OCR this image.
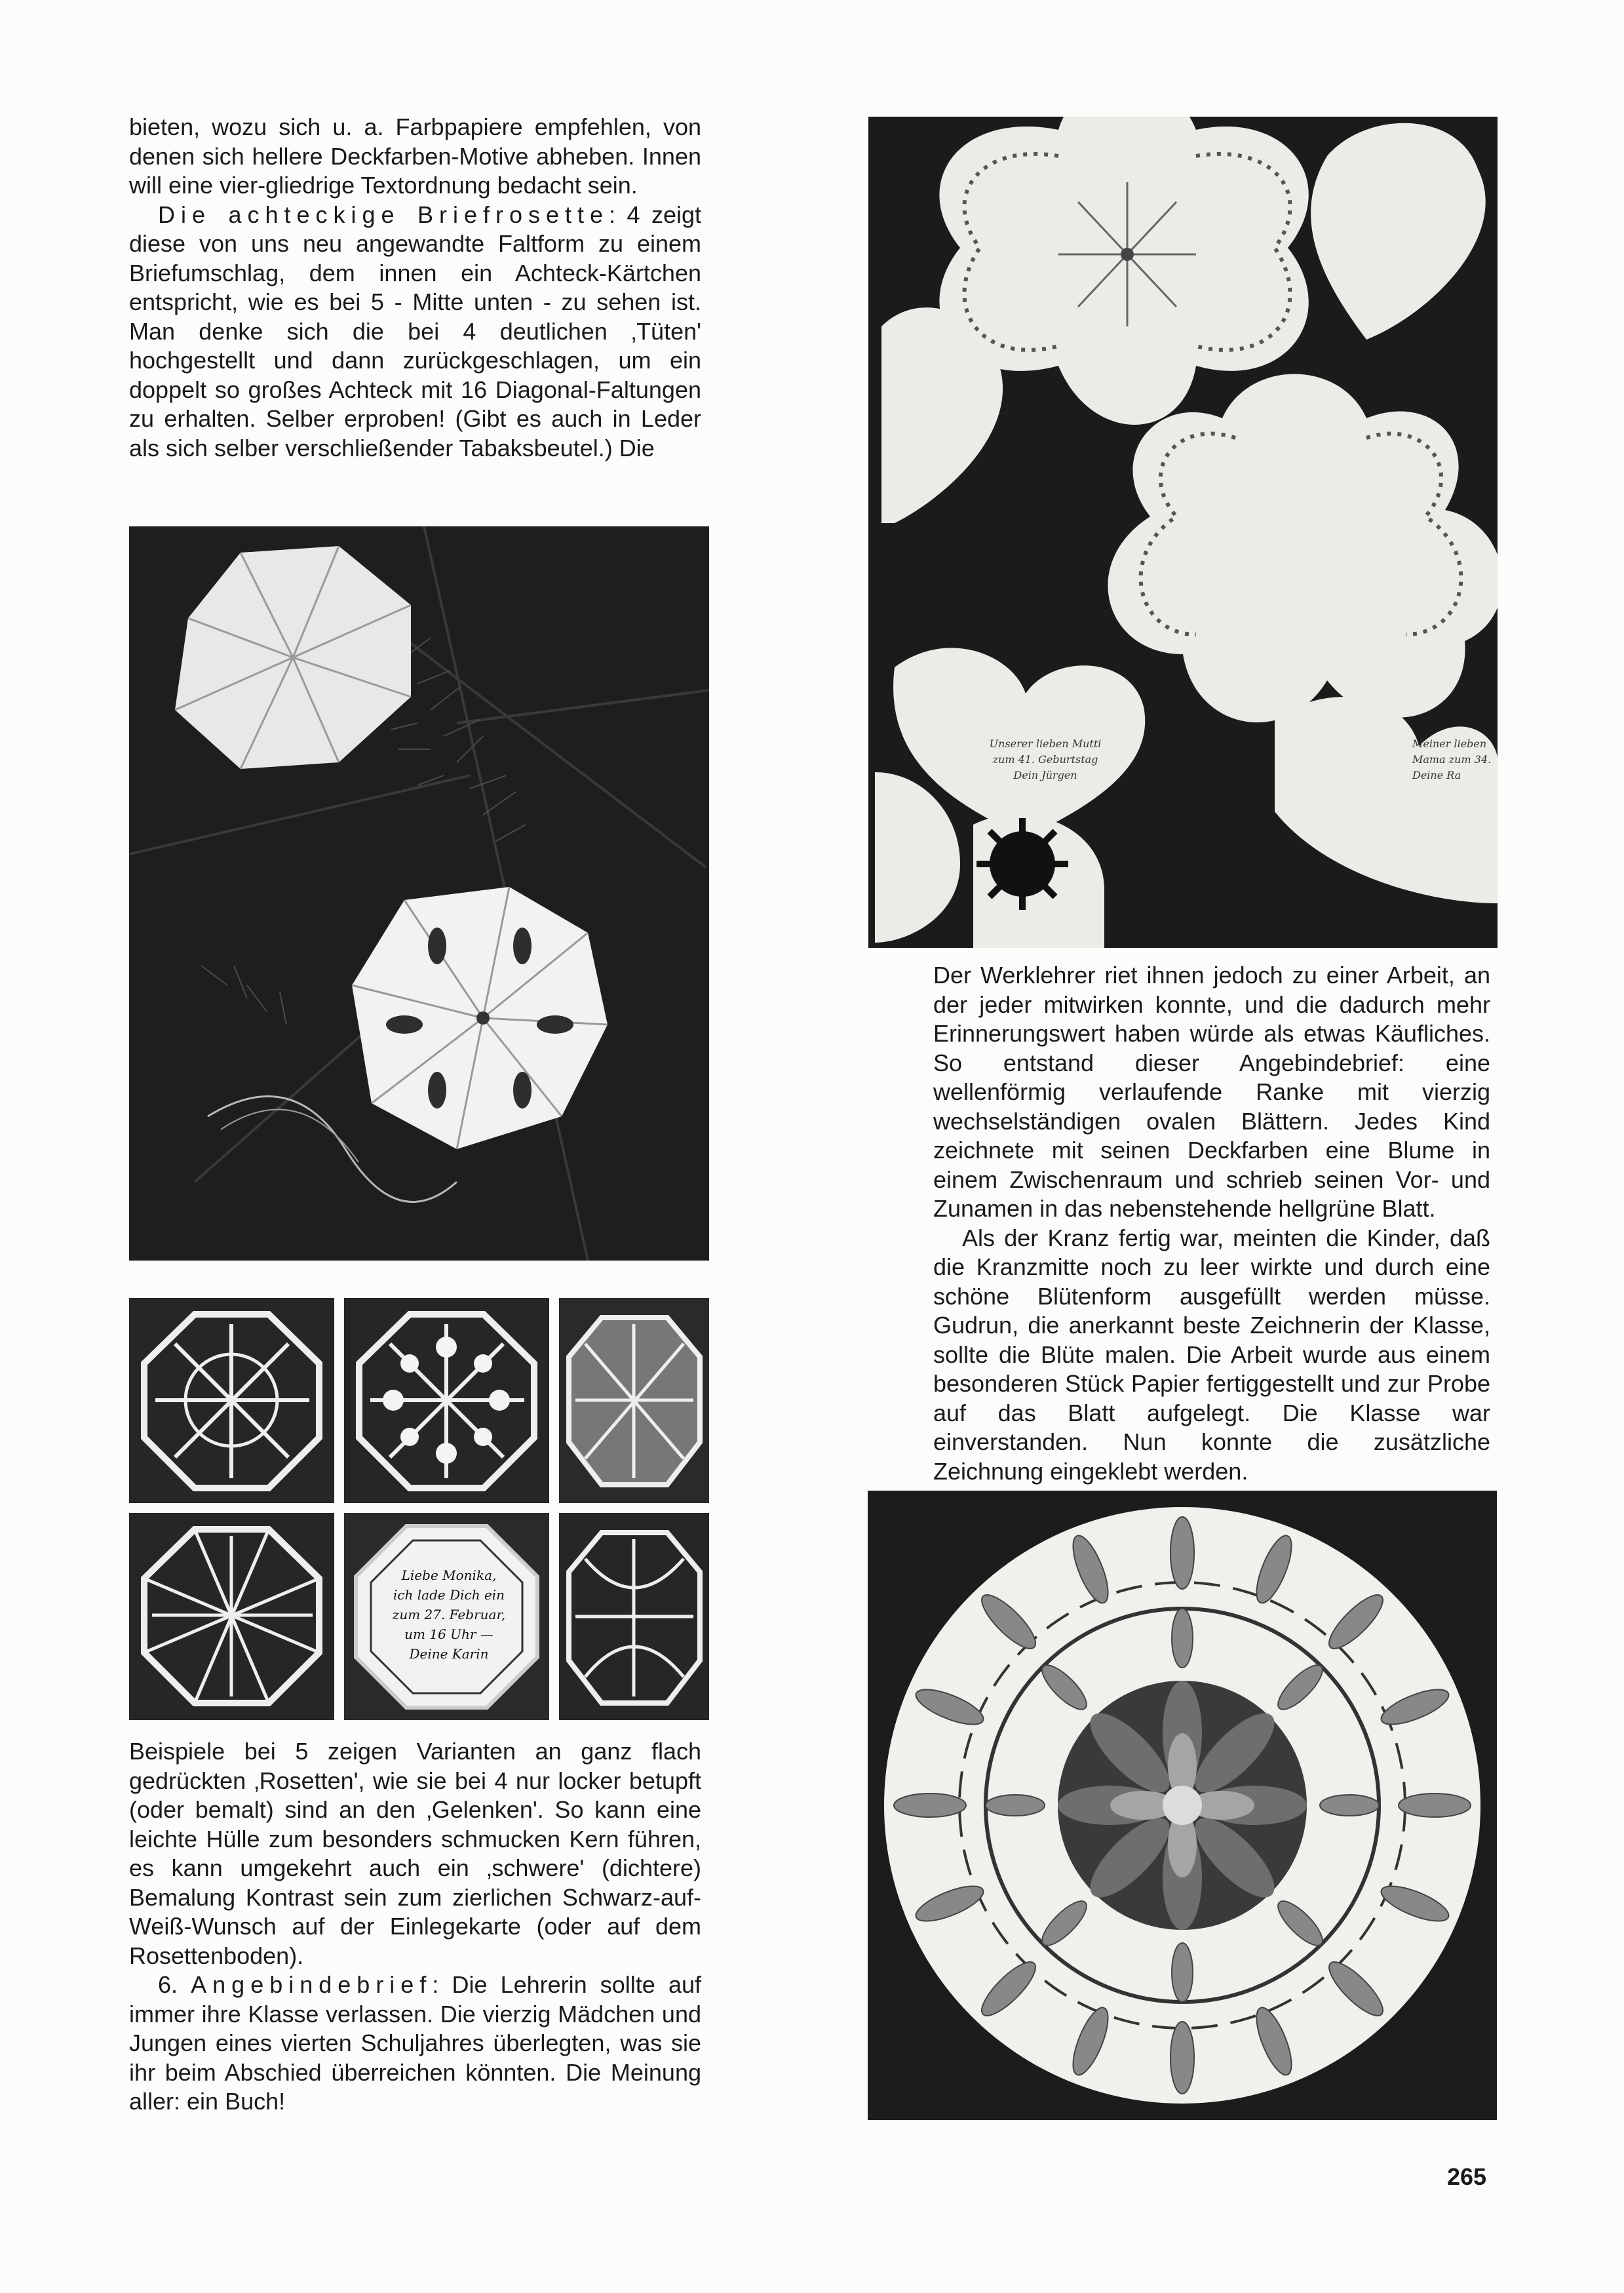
bieten, wozu sich u. a. Farbpapiere empfehlen, von denen sich hellere Deckfarben-Motive abheben. Innen will eine vier-gliedrige Textordnung bedacht sein.

Die achteckige Briefrosette: 4 zeigt diese von uns neu angewandte Faltform zu einem Briefumschlag, dem innen ein Achteck-Kärtchen entspricht, wie es bei 5 - Mitte unten - zu sehen ist. Man denke sich die bei 4 deutlichen ‚Tüten' hochgestellt und dann zurückgeschlagen, um ein doppelt so großes Achteck mit 16 Diagonal-Faltungen zu erhalten. Selber erproben! (Gibt es auch in Leder als sich selber verschließender Tabaksbeutel.) Die

Liebe Monika,
ich lade Dich ein
zum 27. Februar,
um 16 Uhr —
Deine Karin

Beispiele bei 5 zeigen Varianten an ganz flach gedrückten ‚Rosetten', wie sie bei 4 nur locker betupft (oder bemalt) sind an den ‚Gelenken'. So kann eine leichte Hülle zum besonders schmucken Kern führen, es kann umgekehrt auch ein ‚schwere' (dichtere) Bemalung Kontrast sein zum zierlichen Schwarz-auf-Weiß-Wunsch auf der Einlegekarte (oder auf dem Rosettenboden).

6. Angebindebrief: Die Lehrerin sollte auf immer ihre Klasse verlassen. Die vierzig Mädchen und Jungen eines vierten Schuljahres überlegten, was sie ihr beim Abschied überreichen könnten. Die Meinung aller: ein Buch!

Unserer lieben Mutti
zum 41. Geburtstag
Dein Jürgen
Meiner lieben
Mama zum 34.
Deine Ra

Der Werklehrer riet ihnen jedoch zu einer Arbeit, an der jeder mitwirken konnte, und die dadurch mehr Erinnerungswert haben würde als etwas Käufliches. So entstand dieser Angebindebrief: eine wellenförmig verlaufende Ranke mit vierzig wechselständigen ovalen Blättern. Jedes Kind zeichnete mit seinen Deckfarben eine Blume in einem Zwischenraum und schrieb seinen Vor- und Zunamen in das nebenstehende hellgrüne Blatt.

Als der Kranz fertig war, meinten die Kinder, daß die Kranzmitte noch zu leer wirkte und durch eine schöne Blütenform ausgefüllt werden müsse. Gudrun, die anerkannt beste Zeichnerin der Klasse, sollte die Blüte malen. Die Arbeit wurde aus einem besonderen Stück Papier fertiggestellt und zur Probe auf das Blatt aufgelegt. Die Klasse war einverstanden. Nun konnte die zusätzliche Zeichnung eingeklebt werden.

265
